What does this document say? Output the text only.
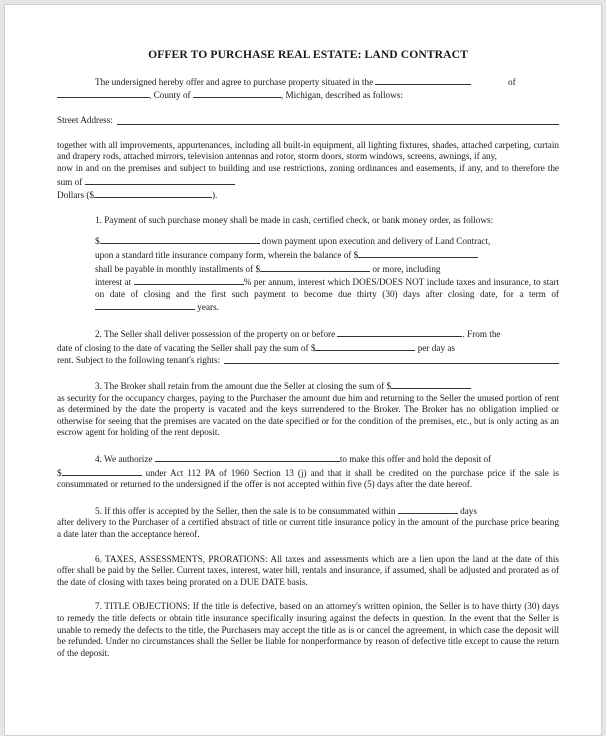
OFFER TO PURCHASE REAL ESTATE: LAND CONTRACT

The undersigned hereby offer and agree to purchase property situated in the	of

, County of	, Michigan, described as follows:

Street Address:

together with all improvements, appurtenances, including all built-in equipment, all lighting fixtures, shades, attached carpeting, curtain and drapery rods, attached mirrors, television antennas and rotor, storm doors, storm windows, screens, awnings, if any,

now in and on the premises and subject to building and use restrictions, zoning ordinances and easements, if any, and to therefore the sum of

Dollars ($	).

1. Payment of such purchase money shall be made in cash, certified check, or bank money order, as follows:

$	down payment upon execution and delivery of Land Contract,

upon a standard title insurance company form, wherein the balance of $

shall be payable in monthly installments of $	or more, including

interest at	% per annum, interest which DOES/DOES NOT include taxes and insurance, to start on date of closing and the first such payment to become due thirty (30) days after closing date, for a term of  years.

2. The Seller shall deliver possession of the property on or before	. From the

date of closing to the date of vacating the Seller shall pay the sum of $	per day as

rent. Subject to the following tenant's rights:

3. The Broker shall retain from the amount due the Seller at closing the sum of $

as security for the occupancy charges, paying to the Purchaser the amount due him and returning to the Seller the unused portion of rent as determined by the date the property is vacated and the keys surrendered to the Broker. The Broker has no obligation implied or otherwise for seeing that the premises are vacated on the date specified or for the condition of the premises, etc., but is only acting as an escrow agent for holding of the rent deposit.

4. We authorize	to make this offer and hold the deposit of

$	under Act 112 PA of 1960 Section 13 (j) and that it shall be credited on the purchase price if the sale is consummated or returned to the undersigned if the offer is not accepted within five (5) days after the date hereof.

5. If this offer is accepted by the Seller, then the sale is to be consummated within	days

after delivery to the Purchaser of a certified abstract of title or current title insurance policy in the amount of the purchase price bearing a date later than the acceptance hereof.

6. TAXES, ASSESSMENTS, PRORATIONS: All taxes and assessments which are a lien upon the land at the date of this offer shall be paid by the Seller. Current taxes, interest, water bill, rentals and insurance, if assumed, shall be adjusted and prorated as of the date of closing with taxes being prorated on a DUE DATE basis.

7. TITLE OBJECTIONS: If the title is defective, based on an attorney's written opinion, the Seller is to have thirty (30) days to remedy the title defects or obtain title insurance specifically insuring against the defects in question. In the event that the Seller is unable to remedy the defects to the title, the Purchasers may accept the title as is or cancel the agreement, in which case the deposit will be refunded. Under no circumstances shall the Seller be liable for nonperformance by reason of defective title except to cause the return of the deposit.
